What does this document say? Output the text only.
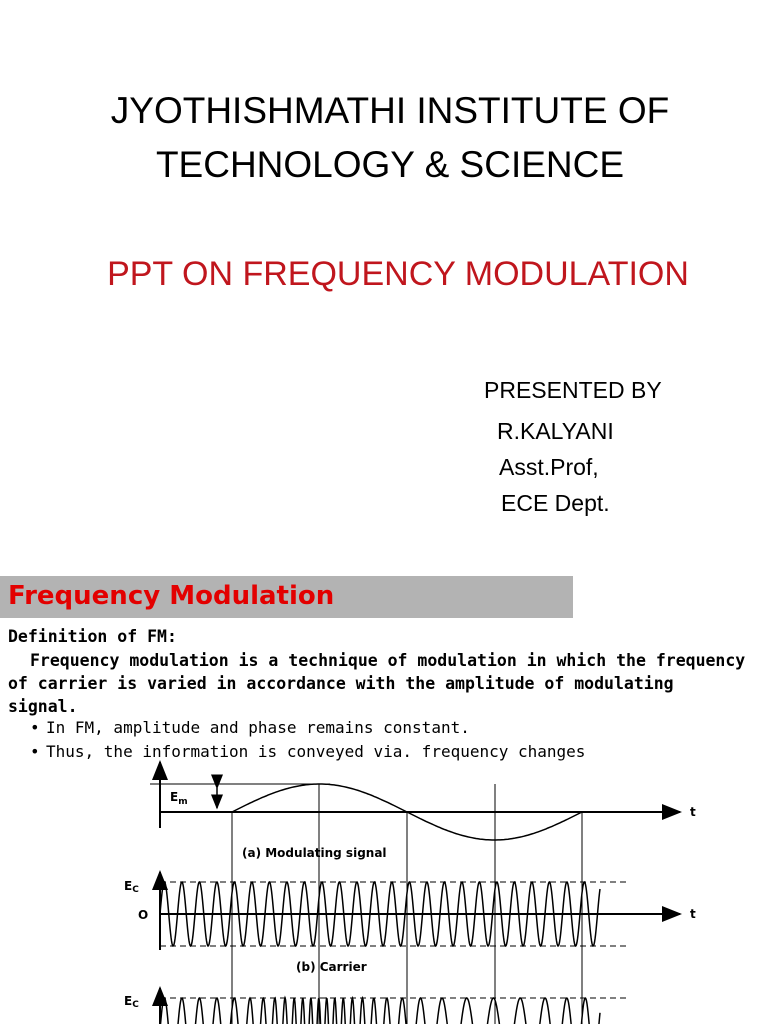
JYOTHISHMATHI INSTITUTE OF
TECHNOLOGY & SCIENCE
PPT ON FREQUENCY MODULATION
PRESENTED BY
R.KALYANI
Asst.Prof,
ECE Dept.
Frequency Modulation
Definition of FM:
Frequency modulation is a technique of modulation in which the frequency of carrier is varied in accordance with the amplitude of modulating signal.
• In FM, amplitude and phase remains constant.
• Thus, the information is conveyed via. frequency changes
$E_m$
t
(a) Modulating signal
EC
O	t
(b) Carrier
EC
